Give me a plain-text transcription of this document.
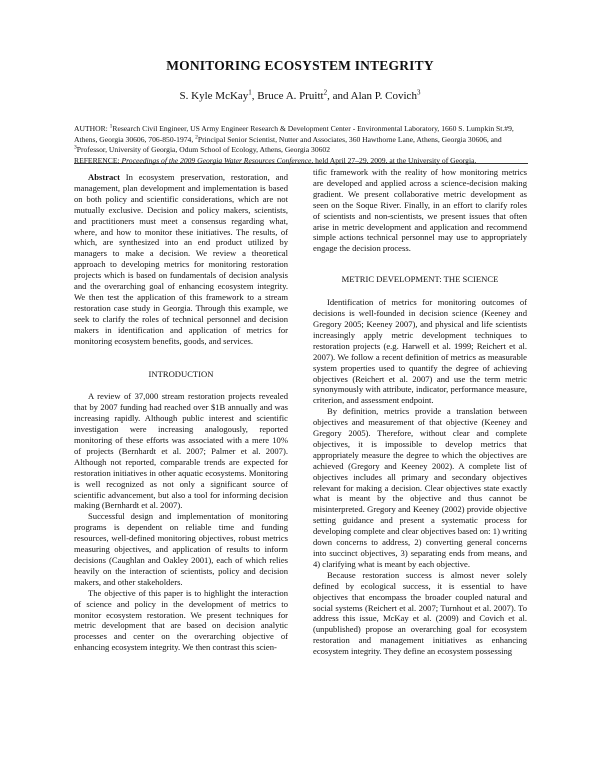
MONITORING ECOSYSTEM INTEGRITY

S. Kyle McKay$^1$, Bruce A. Pruitt$^2$, and Alan P. Covich$^3$

AUTHOR: $^1$Research Civil Engineer, US Army Engineer Research & Development Center - Environmental Laboratory, 1660 S. Lumpkin St.#9, Athens, Georgia 30606, 706-850-1974, $^2$Principal Senior Scientist, Nutter and Associates, 360 Hawthorne Lane, Athens, Georgia 30606, and $^3$Professor, University of Georgia, Odum School of Ecology, Athens, Georgia 30602
REFERENCE: Proceedings of the 2009 Georgia Water Resources Conference, held April 27–29, 2009, at the University of Georgia.

Abstract In ecosystem preservation, restoration, and management, plan development and implementation is based on both policy and scientific considerations, which are not mutually exclusive. Decision and policy makers, scientists, and practitioners must meet a consensus regarding what, where, and how to monitor these initiatives. The results, of which, are synthesized into an end product utilized by managers to make a decision. We review a theoretical approach to developing metrics for monitoring restoration projects which is based on fundamentals of decision analysis and the overarching goal of enhancing ecosystem integrity. We then test the application of this framework to a stream restoration case study in Georgia. Through this example, we seek to clarify the roles of technical personnel and decision makers in identification and application of metrics for monitoring ecosystem benefits, goods, and services.

INTRODUCTION

A review of 37,000 stream restoration projects revealed that by 2007 funding had reached over $1B annually and was increasing rapidly. Although public interest and scientific investigation were increasing analogously, reported monitoring of these efforts was associated with a mere 10% of projects (Bernhardt et al. 2007; Palmer et al. 2007). Although not reported, comparable trends are expected for restoration initiatives in other aquatic ecosystems. Monitoring is well recognized as not only a significant source of scientific advancement, but also a tool for informing decision making (Bernhardt et al. 2007).

Successful design and implementation of monitoring programs is dependent on reliable time and funding resources, well-defined monitoring objectives, robust metrics measuring objectives, and application of results to inform decisions (Caughlan and Oakley 2001), each of which relies heavily on the interaction of scientists, policy and decision makers, and other stakeholders.

The objective of this paper is to highlight the interaction of science and policy in the development of metrics to monitor ecosystem restoration. We present techniques for metric development that are based on decision analytic processes and center on the overarching objective of enhancing ecosystem integrity. We then contrast this scien-

tific framework with the reality of how monitoring metrics are developed and applied across a science-decision making gradient. We present collaborative metric development as seen on the Soque River. Finally, in an effort to clarify roles of scientists and non-scientists, we present issues that often arise in metric development and application and recommend simple actions technical personnel may use to appropriately engage the decision process.

METRIC DEVELOPMENT: THE SCIENCE

Identification of metrics for monitoring outcomes of decisions is well-founded in decision science (Keeney and Gregory 2005; Keeney 2007), and physical and life scientists increasingly apply metric development techniques to restoration projects (e.g. Harwell et al. 1999; Reichert et al. 2007). We follow a recent definition of metrics as measurable system properties used to quantify the degree of achieving objectives (Reichert et al. 2007) and use the term metric synonymously with attribute, indicator, performance measure, criterion, and assessment endpoint.

By definition, metrics provide a translation between objectives and measurement of that objective (Keeney and Gregory 2005). Therefore, without clear and complete objectives, it is impossible to develop metrics that appropriately measure the degree to which the objectives are achieved (Gregory and Keeney 2002). A complete list of objectives includes all primary and secondary objectives relevant for making a decision. Clear objectives state exactly what is meant by the objective and thus cannot be misinterpreted. Gregory and Keeney (2002) provide objective setting guidance and present a systematic process for developing complete and clear objectives based on: 1) writing down concerns to address, 2) converting general concerns into succinct objectives, 3) separating ends from means, and 4) clarifying what is meant by each objective.

Because restoration success is almost never solely defined by ecological success, it is essential to have objectives that encompass the broader coupled natural and social systems (Reichert et al. 2007; Turnhout et al. 2007). To address this issue, McKay et al. (2009) and Covich et al. (unpublished) propose an overarching goal for ecosystem restoration and management initiatives as enhancing ecosystem integrity. They define an ecosystem possessing
